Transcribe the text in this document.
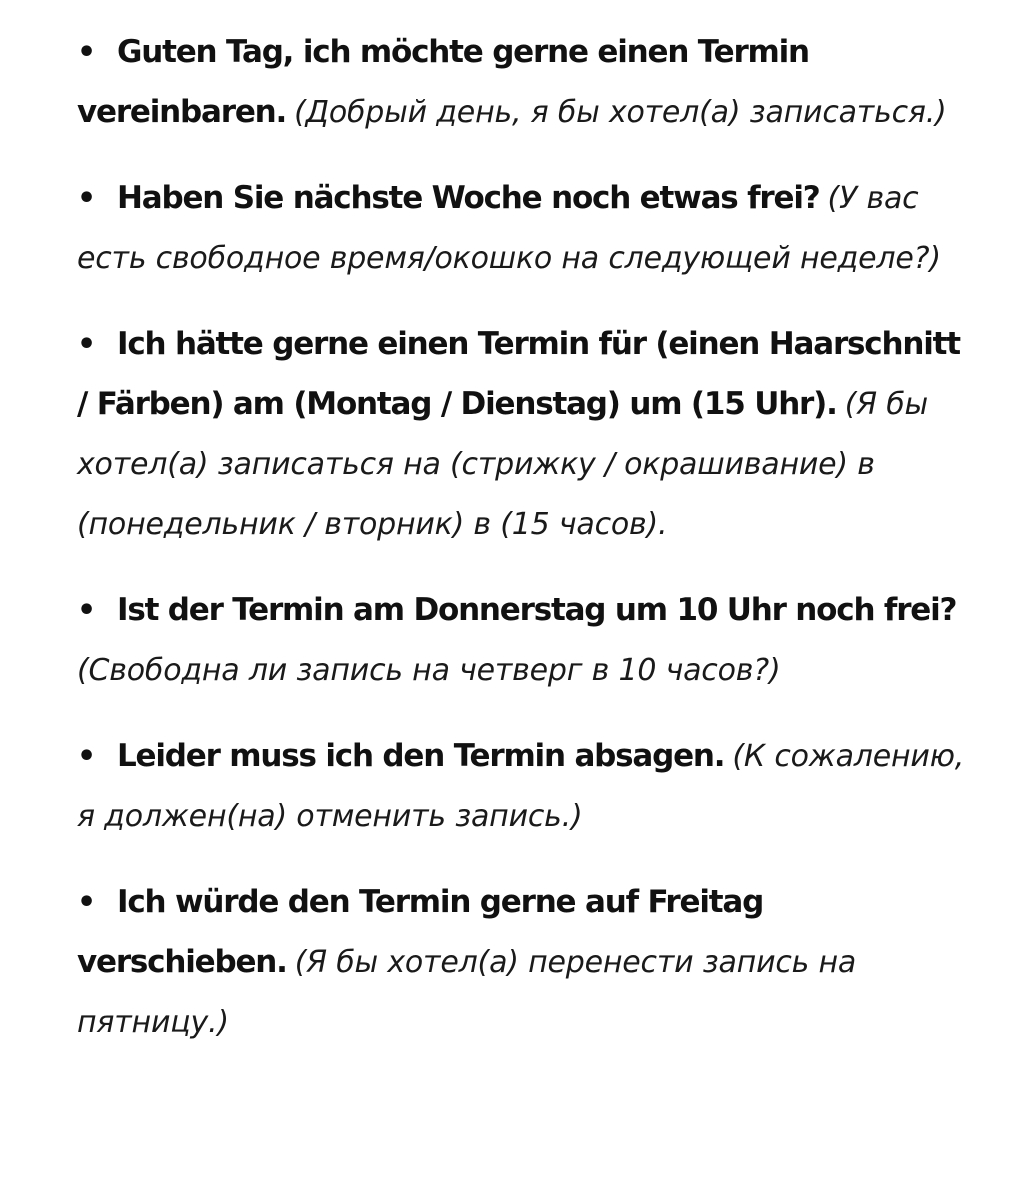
• Guten Tag, ich möchte gerne einen Termin vereinbaren. (Добрый день, я бы хотел(а) записаться.)
• Haben Sie nächste Woche noch etwas frei? (У вас есть свободное время/окошко на следующей неделе?)
• Ich hätte gerne einen Termin für (einen Haarschnitt / Färben) am (Montag / Dienstag) um (15 Uhr). (Я бы хотел(а) записаться на (стрижку / окрашивание) в (понедельник / вторник) в (15 часов).
• Ist der Termin am Donnerstag um 10 Uhr noch frei? (Свободна ли запись на четверг в 10 часов?)
• Leider muss ich den Termin absagen. (К сожалению, я должен(на) отменить запись.)
• Ich würde den Termin gerne auf Freitag verschieben. (Я бы хотел(а) перенести запись на пятницу.)
